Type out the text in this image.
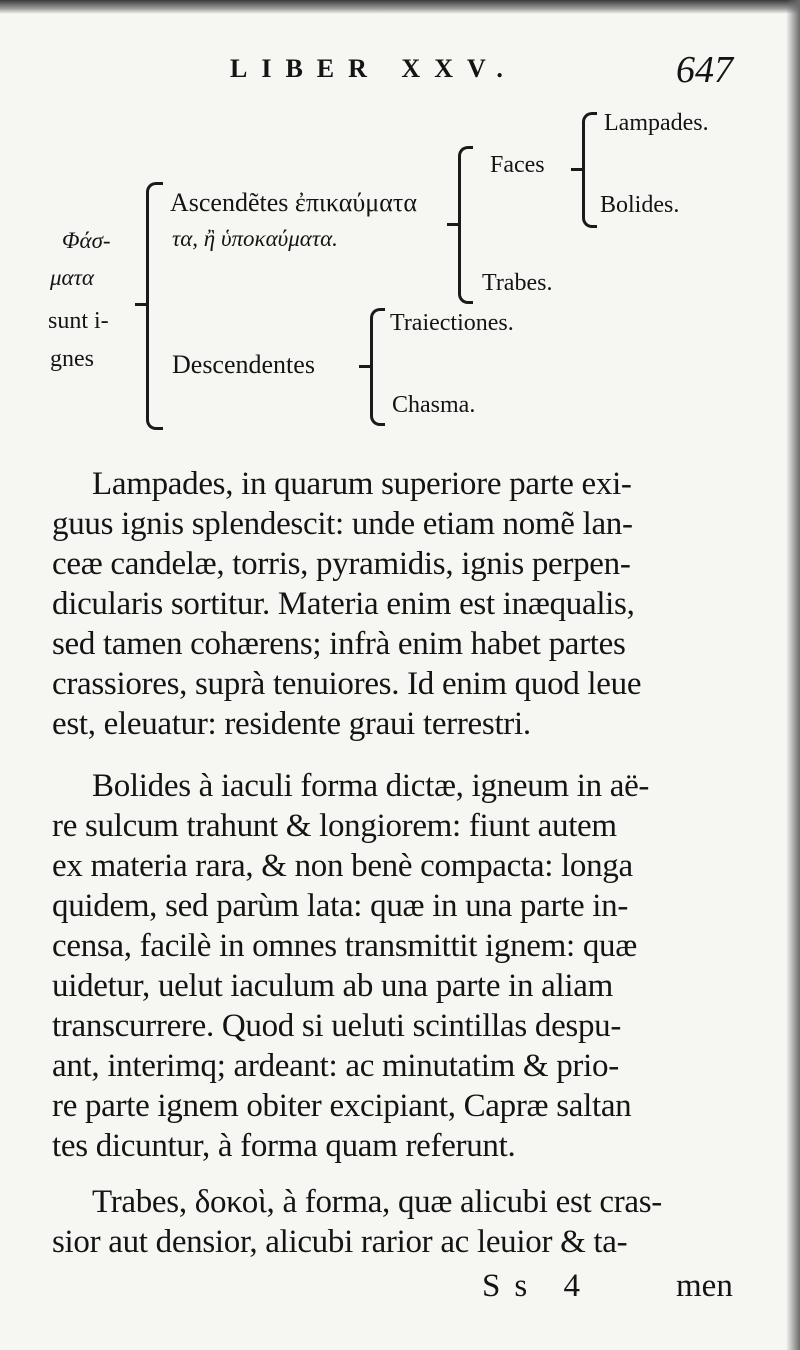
LIBER XXV.	647
Φάσ-
ματα
sunt i-
gnes
Ascendẽtes ἐπικαύματα
τα, ἢ ὑποκαύματα.
Faces
Trabes.
Lampades.
Bolides.
Descendentes
Traiectiones.
Chasma.
Lampades, in quarum superiore parte exi-
guus ignis splendescit: unde etiam nomẽ lan-
ceæ candelæ, torris, pyramidis, ignis perpen-
dicularis sortitur. Materia enim est inæqualis,
sed tamen cohærens; infrà enim habet partes
crassiores, suprà tenuiores. Id enim quod leue
est, eleuatur: residente graui terrestri.
Bolides à iaculi forma dictæ, igneum in aë-
re sulcum trahunt & longiorem: fiunt autem
ex materia rara, & non benè compacta: longa
quidem, sed parùm lata: quæ in una parte in-
censa, facilè in omnes transmittit ignem: quæ
uidetur, uelut iaculum ab una parte in aliam
transcurrere. Quod si ueluti scintillas despu-
ant, interimq; ardeant: ac minutatim & prio-
re parte ignem obiter excipiant, Capræ saltan
tes dicuntur, à forma quam referunt.
Trabes, δοκοὶ, à forma, quæ alicubi est cras-
sior aut densior, alicubi rarior ac leuior & ta-
Ss 4 men
